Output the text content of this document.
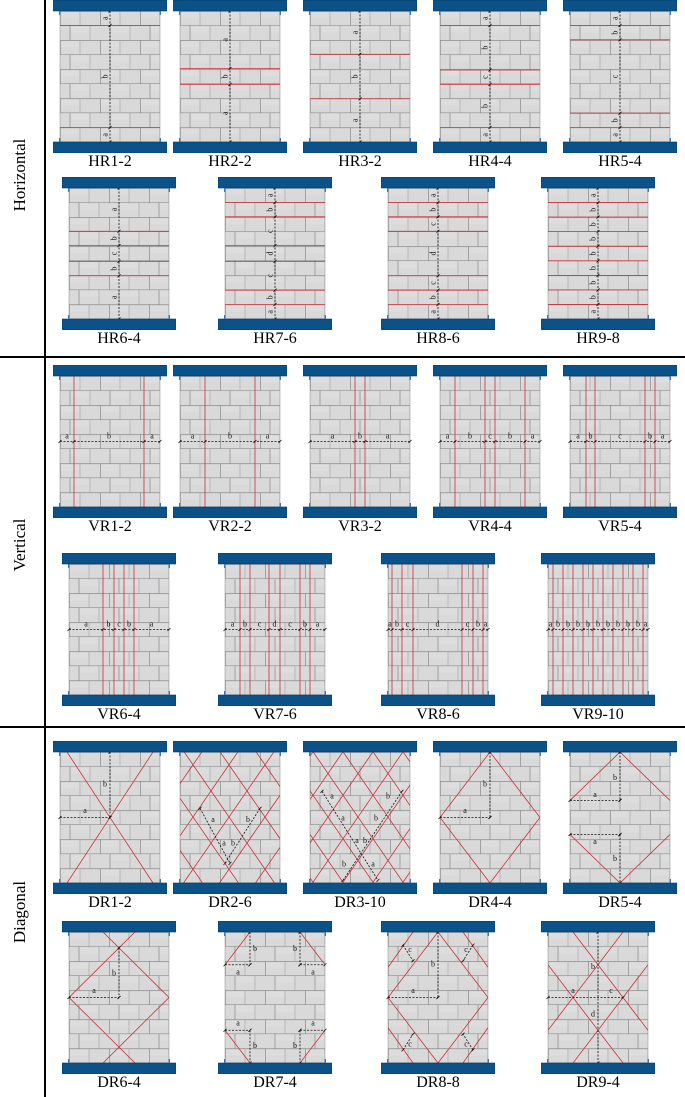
Horizontal
Vertical
Diagonal
a
b
a
HR1-2
a
b
a
HR2-2
a
b
a
HR3-2
a
b
c
b
a
HR4-4
a
b
c
b
a
HR5-4
a
b
c
b
a
HR6-4
a
b
c
d
c
b
a
HR7-6
a
b
c
d
c
b
a
HR8-6
a
b
b
b
b
b
b
b
a
HR9-8
a	b	a
VR1-2
a	b	a
VR2-2
a	b	a
VR3-2
a b c b a
VR4-4
a b	c	b a
VR5-4
a b c b a
VR6-4
a b c d c b a
VR7-6
a b c	d	c b a
VR8-6
a b b b b b b b b b a
VR9-10
a
b
DR1-2
a	b
a b
DR2-6
a
a
a b
b
b
b	a
DR3-10
a
b
DR4-4
a
b
a
b
DR5-4
a
b
DR6-4
a
b
a
b
a
b
a
b
DR7-4
a
b
c	c
c	c
DR8-8
a
b
c
d
DR9-4
